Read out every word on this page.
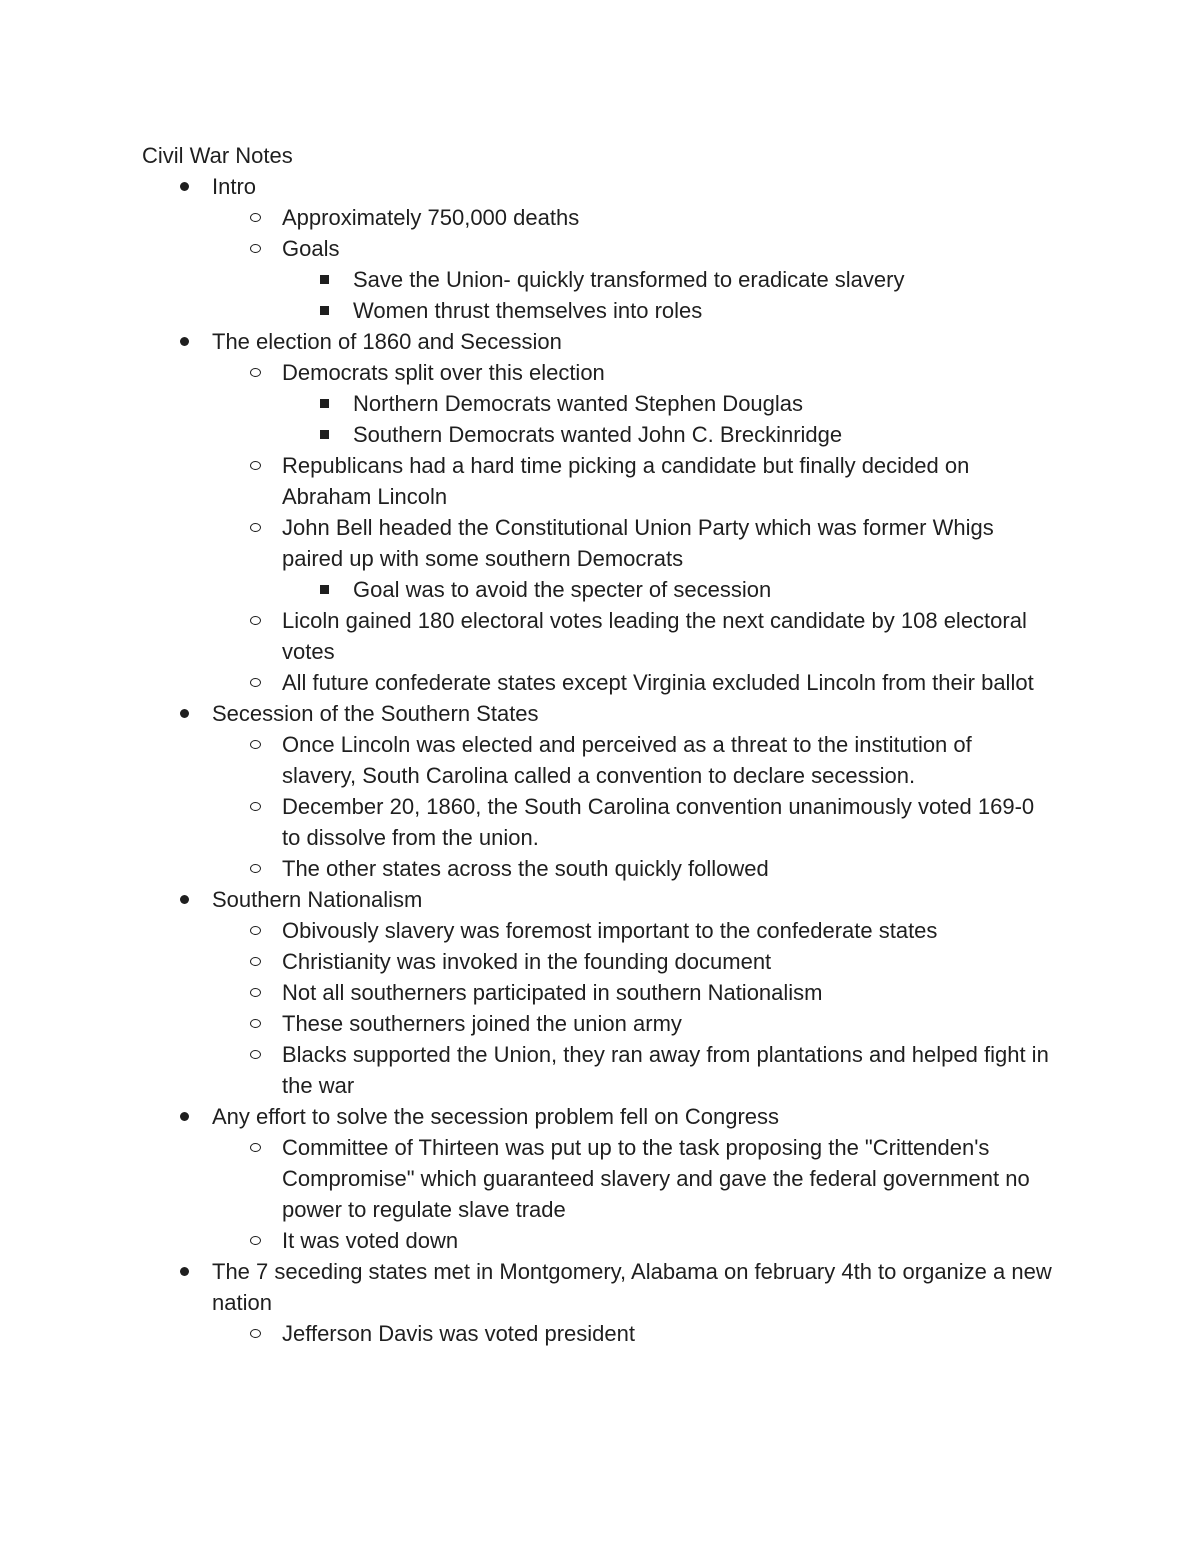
Civil War Notes
Intro
Approximately 750,000 deaths
Goals
Save the Union- quickly transformed to eradicate slavery
Women thrust themselves into roles
The election of 1860 and Secession
Democrats split over this election
Northern Democrats wanted Stephen Douglas
Southern Democrats wanted John C. Breckinridge
Republicans had a hard time picking a candidate but finally decided on Abraham Lincoln
John Bell headed the Constitutional Union Party which was former Whigs paired up with some southern Democrats
Goal was to avoid the specter of secession
Licoln gained 180 electoral votes leading the next candidate by 108 electoral votes
All future confederate states except Virginia excluded Lincoln from their ballot
Secession of the Southern States
Once Lincoln was elected and perceived as a threat to the institution of slavery, South Carolina called a convention to declare secession.
December 20, 1860, the South Carolina convention unanimously voted 169-0 to dissolve from the union.
The other states across the south quickly followed
Southern Nationalism
Obivously slavery was foremost important to the confederate states
Christianity was invoked in the founding document
Not all southerners participated in southern Nationalism
These southerners joined the union army
Blacks supported the Union, they ran away from plantations and helped fight in the war
Any effort to solve the secession problem fell on Congress
Committee of Thirteen was put up to the task proposing the "Crittenden's Compromise" which guaranteed slavery and gave the federal government no power to regulate slave trade
It was voted down
The 7 seceding states met in Montgomery, Alabama on february 4th to organize a new nation
Jefferson Davis was voted president
